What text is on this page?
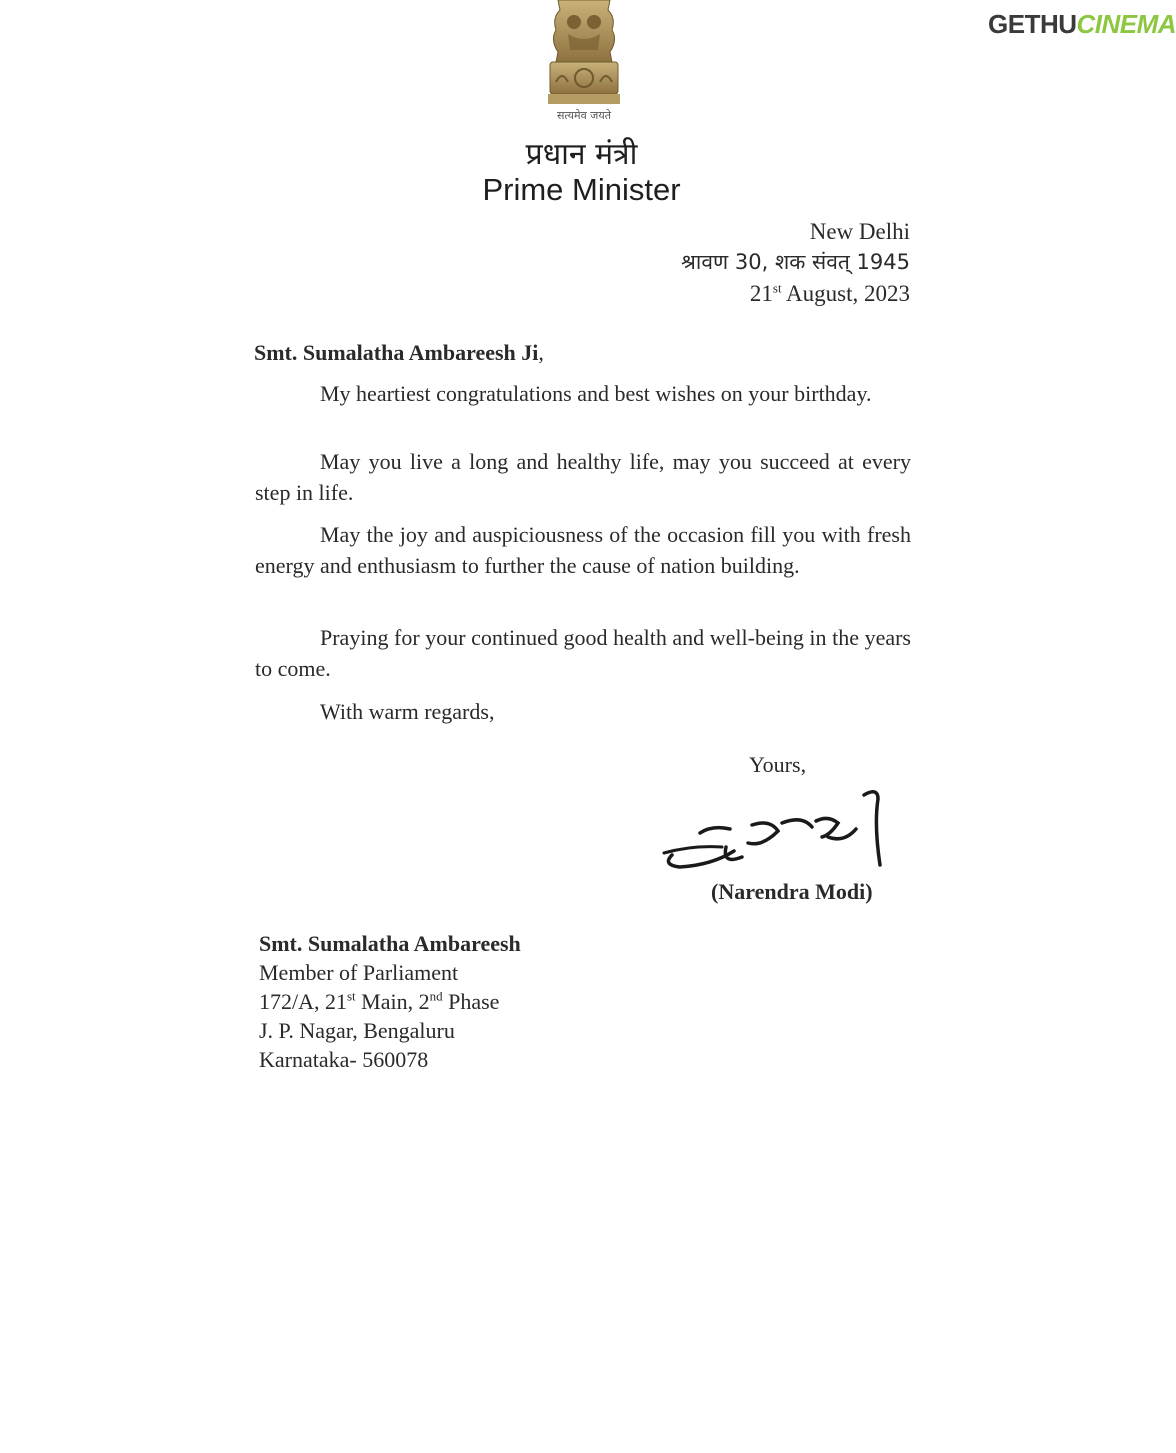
सत्यमेव जयते
प्रधान मंत्री
Prime Minister
New Delhi
श्रावण 30, शक संवत् 1945
21st August, 2023
Smt. Sumalatha Ambareesh Ji,
My heartiest congratulations and best wishes on your birthday.
May you live a long and healthy life, may you succeed at every step in life.
May the joy and auspiciousness of the occasion fill you with fresh energy and enthusiasm to further the cause of nation building.
Praying for your continued good health and well-being in the years to come.
With warm regards,
Yours,
(Narendra Modi)
Smt. Sumalatha Ambareesh
Member of Parliament
172/A, 21st Main, 2nd Phase
J. P. Nagar, Bengaluru
Karnataka- 560078
GETHUCINEMA
